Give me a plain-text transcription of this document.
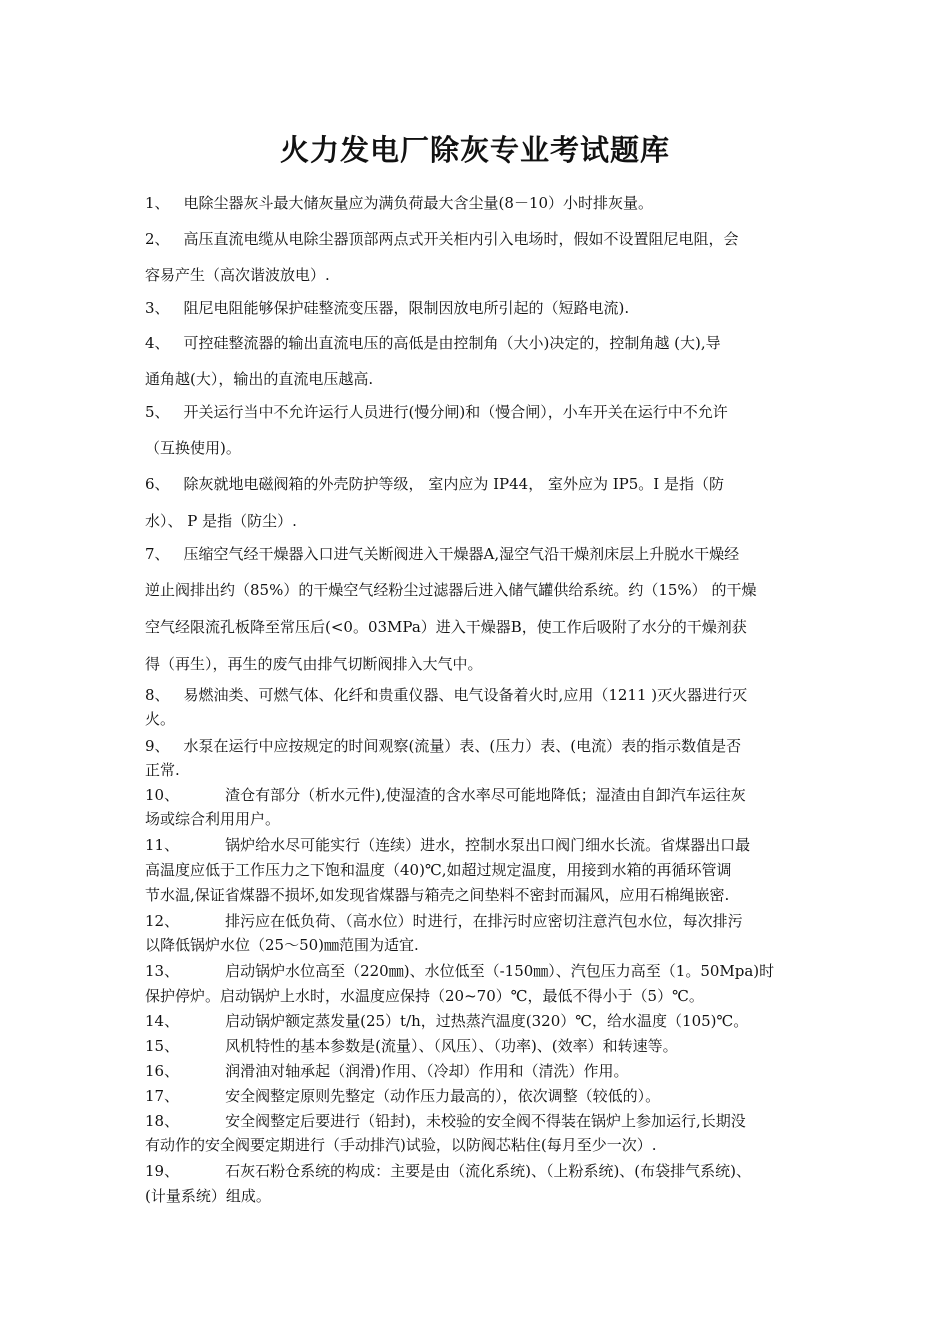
火力发电厂除灰专业考试题库
1、 电除尘器灰斗最大储灰量应为满负荷最大含尘量(8－10）小时排灰量。
2、 高压直流电缆从电除尘器顶部两点式开关柜内引入电场时，假如不设置阻尼电阻，会
容易产生（高次谐波放电）.
3、 阻尼电阻能够保护硅整流变压器，限制因放电所引起的（短路电流).
4、 可控硅整流器的输出直流电压的高低是由控制角（大小)决定的，控制角越 (大),导
通角越(大），输出的直流电压越高.
5、 开关运行当中不允许运行人员进行(慢分闸)和（慢合闸），小车开关在运行中不允许
（互换使用)。
6、 除灰就地电磁阀箱的外壳防护等级， 室内应为 IP44， 室外应为 IP5。I 是指（防
水）、 P 是指（防尘）.
7、 压缩空气经干燥器入口进气关断阀进入干燥器A,湿空气沿干燥剂床层上升脱水干燥经
逆止阀排出约（85%）的干燥空气经粉尘过滤器后进入储气罐供给系统。约（15%） 的干燥
空气经限流孔板降至常压后(<0。03MPa）进入干燥器B，使工作后吸附了水分的干燥剂获
得（再生），再生的废气由排气切断阀排入大气中。
8、 易燃油类、可燃气体、化纤和贵重仪器、电气设备着火时,应用（1211 )灭火器进行灭
火。
9、 水泵在运行中应按规定的时间观察(流量）表、(压力）表、(电流）表的指示数值是否
正常.
10、	渣仓有部分（析水元件),使湿渣的含水率尽可能地降低；湿渣由自卸汽车运往灰
场或综合利用用户。
11、	锅炉给水尽可能实行（连续）进水，控制水泵出口阀门细水长流。省煤器出口最
高温度应低于工作压力之下饱和温度（40)℃,如超过规定温度，用接到水箱的再循环管调
节水温,保证省煤器不损坏,如发现省煤器与箱壳之间垫料不密封而漏风，应用石棉绳嵌密.
12、	排污应在低负荷、（高水位）时进行，在排污时应密切注意汽包水位，每次排污
以降低锅炉水位（25～50)㎜范围为适宜.
13、	启动锅炉水位高至（220㎜)、水位低至（-150㎜）、汽包压力高至（1。50Mpa)时
保护停炉。启动锅炉上水时，水温度应保持（20~70）℃，最低不得小于（5）℃。
14、	启动锅炉额定蒸发量(25）t/h，过热蒸汽温度(320）℃，给水温度（105)℃。
15、	风机特性的基本参数是(流量）、（风压）、（功率)、(效率）和转速等。
16、	润滑油对轴承起（润滑)作用、（冷却）作用和（清洗）作用。
17、	安全阀整定原则先整定（动作压力最高的），依次调整（较低的）。
18、	安全阀整定后要进行（铅封)，未校验的安全阀不得装在锅炉上参加运行,长期没
有动作的安全阀要定期进行（手动排汽)试验，以防阀芯粘住(每月至少一次）.
19、	石灰石粉仓系统的构成：主要是由（流化系统)、（上粉系统)、(布袋排气系统)、
(计量系统）组成。
